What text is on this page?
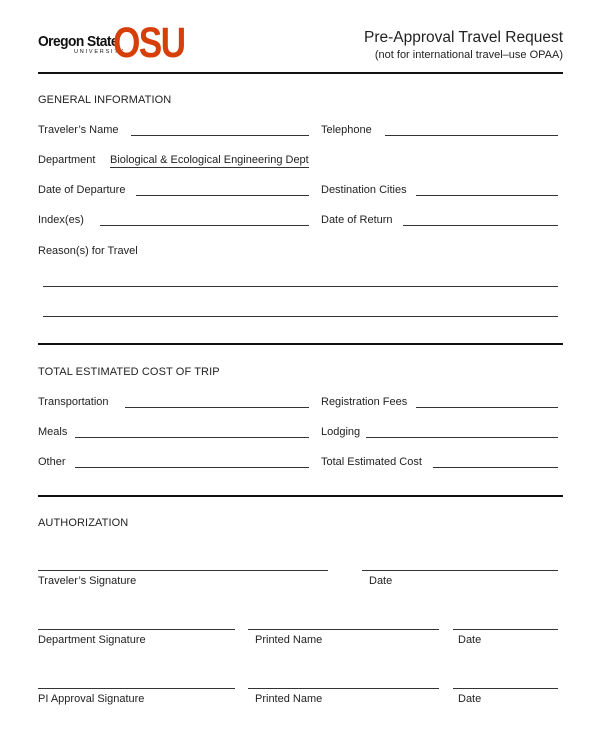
Oregon State
UNIVERSITY
OSU	Pre-Approval Travel Request
(not for international travel–use OPAA)
GENERAL INFORMATION
Traveler’s Name	Telephone
Department Biological & Ecological Engineering Dept
Date of Departure	Destination Cities
Index(es)	Date of Return
Reason(s) for Travel
TOTAL ESTIMATED COST OF TRIP
Transportation	Registration Fees
Meals	Lodging
Other	Total Estimated Cost
AUTHORIZATION
Traveler’s Signature	Date
Department Signature	Printed Name	Date
PI Approval Signature	Printed Name	Date
